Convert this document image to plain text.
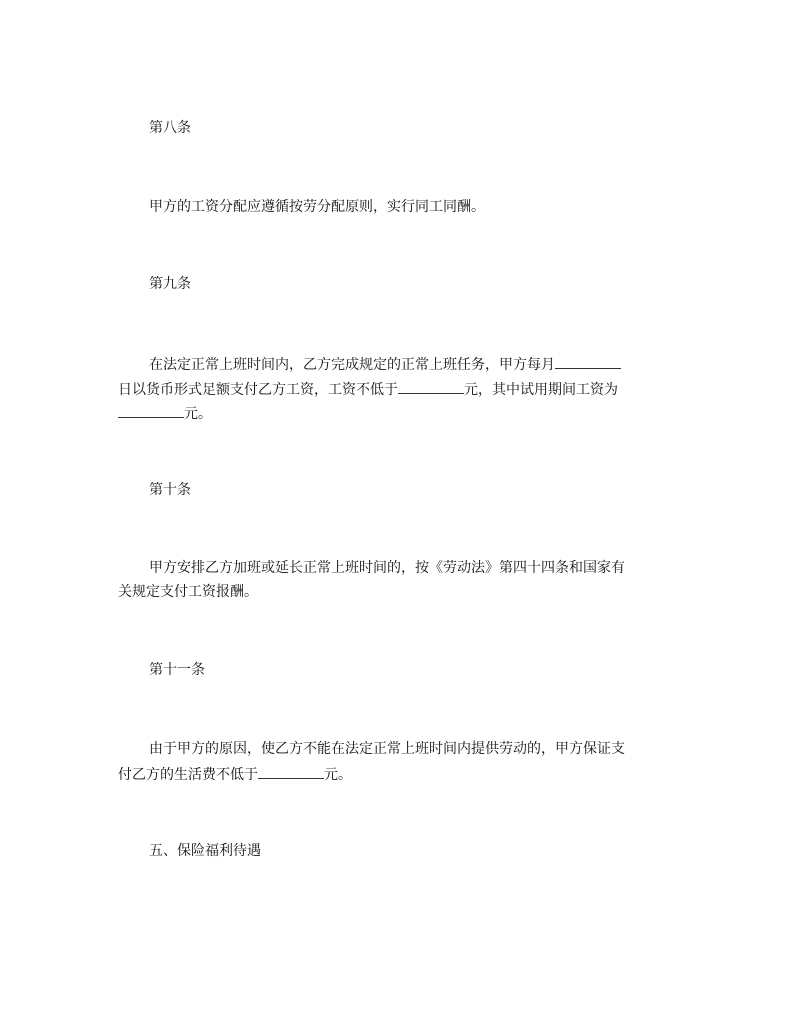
第八条
甲方的工资分配应遵循按劳分配原则，实行同工同酬。
第九条
在法定正常上班时间内，乙方完成规定的正常上班任务，甲方每月
日以货币形式足额支付乙方工资，工资不低于	元，其中试用期间工资为
元。
第十条
甲方安排乙方加班或延长正常上班时间的，按《劳动法》第四十四条和国家有
关规定支付工资报酬。
第十一条
由于甲方的原因，使乙方不能在法定正常上班时间内提供劳动的，甲方保证支
付乙方的生活费不低于	元。
五、保险福利待遇
